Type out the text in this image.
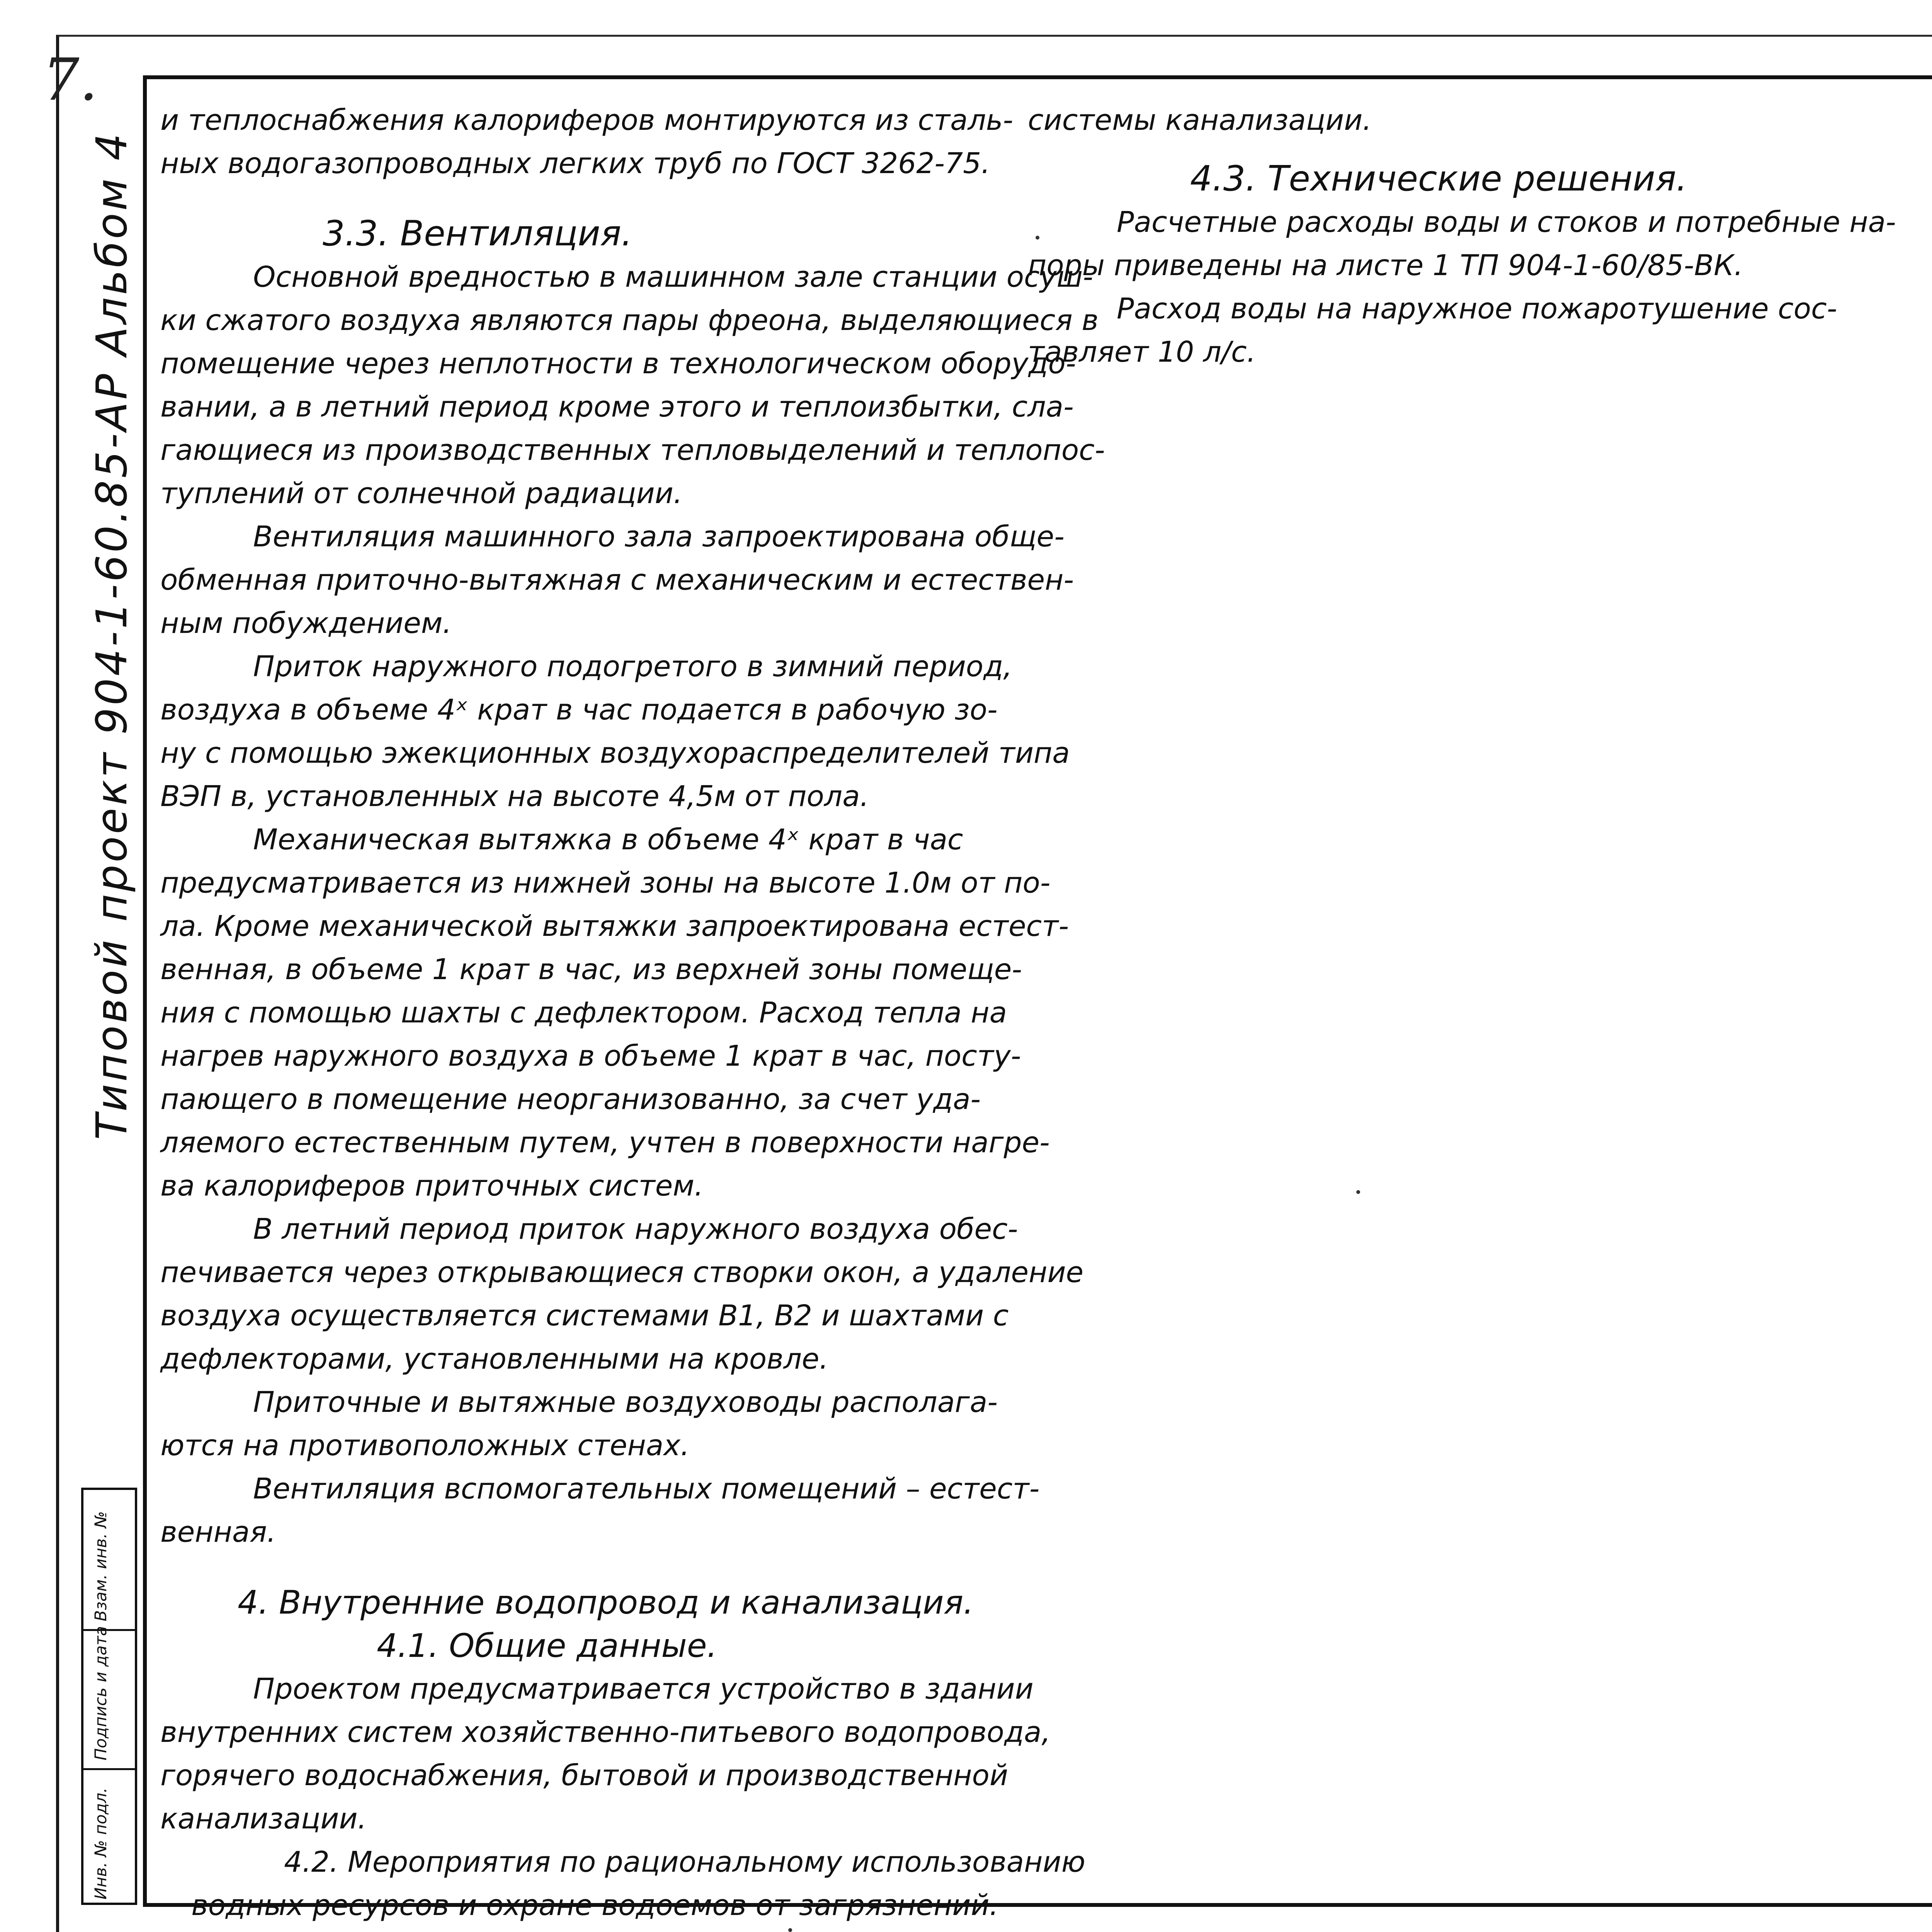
7.
Типовой проект 904-1-60.85-АР Альбом 4
Инв. № подл.
Подпись и дата
Взам. инв. №
и теплоснабжения калориферов монтируются из сталь-
ных водогазопроводных легких труб по ГОСТ 3262-75.
3.3. Вентиляция.
Основной вредностью в машинном зале станции осуш-
ки сжатого воздуха являются пары фреона, выделяющиеся в
помещение через неплотности в технологическом оборудо-
вании, а в летний период кроме этого и теплоизбытки, сла-
гающиеся из производственных тепловыделений и теплопос-
туплений от солнечной радиации.
Вентиляция машинного зала запроектирована обще-
обменная приточно-вытяжная с механическим и естествен-
ным побуждением.
Приток наружного подогретого в зимний период,
воздуха в объеме 4ˣ крат в час подается в рабочую зо-
ну с помощью эжекционных воздухораспределителей типа
ВЭП в, установленных на высоте 4,5м от пола.
Механическая вытяжка в объеме 4ˣ крат в час
предусматривается из нижней зоны на высоте 1.0м от по-
ла. Кроме механической вытяжки запроектирована естест-
венная, в объеме 1 крат в час, из верхней зоны помеще-
ния с помощью шахты с дефлектором. Расход тепла на
нагрев наружного воздуха в объеме 1 крат в час, посту-
пающего в помещение неорганизованно, за счет уда-
ляемого естественным путем, учтен в поверхности нагре-
ва калориферов приточных систем.
В летний период приток наружного воздуха обес-
печивается через открывающиеся створки окон, а удаление
воздуха осуществляется системами В1, В2 и шахтами с
дефлекторами, установленными на кровле.
Приточные и вытяжные воздуховоды располага-
ются на противоположных стенах.
Вентиляция вспомогательных помещений – естест-
венная.
4. Внутренние водопровод и канализация.
4.1. Общие данные.
Проектом предусматривается устройство в здании
внутренних систем хозяйственно-питьевого водопровода,
горячего водоснабжения, бытовой и производственной
канализации.
4.2. Мероприятия по рациональному использованию
водных ресурсов и охране водоемов от загрязнений.
системы канализации.
4.3. Технические решения.
Расчетные расходы воды и стоков и потребные на-
поры приведены на листе 1 ТП 904-1-60/85-ВК.
Расход воды на наружное пожаротушение сос-
тавляет 10 л/с.
